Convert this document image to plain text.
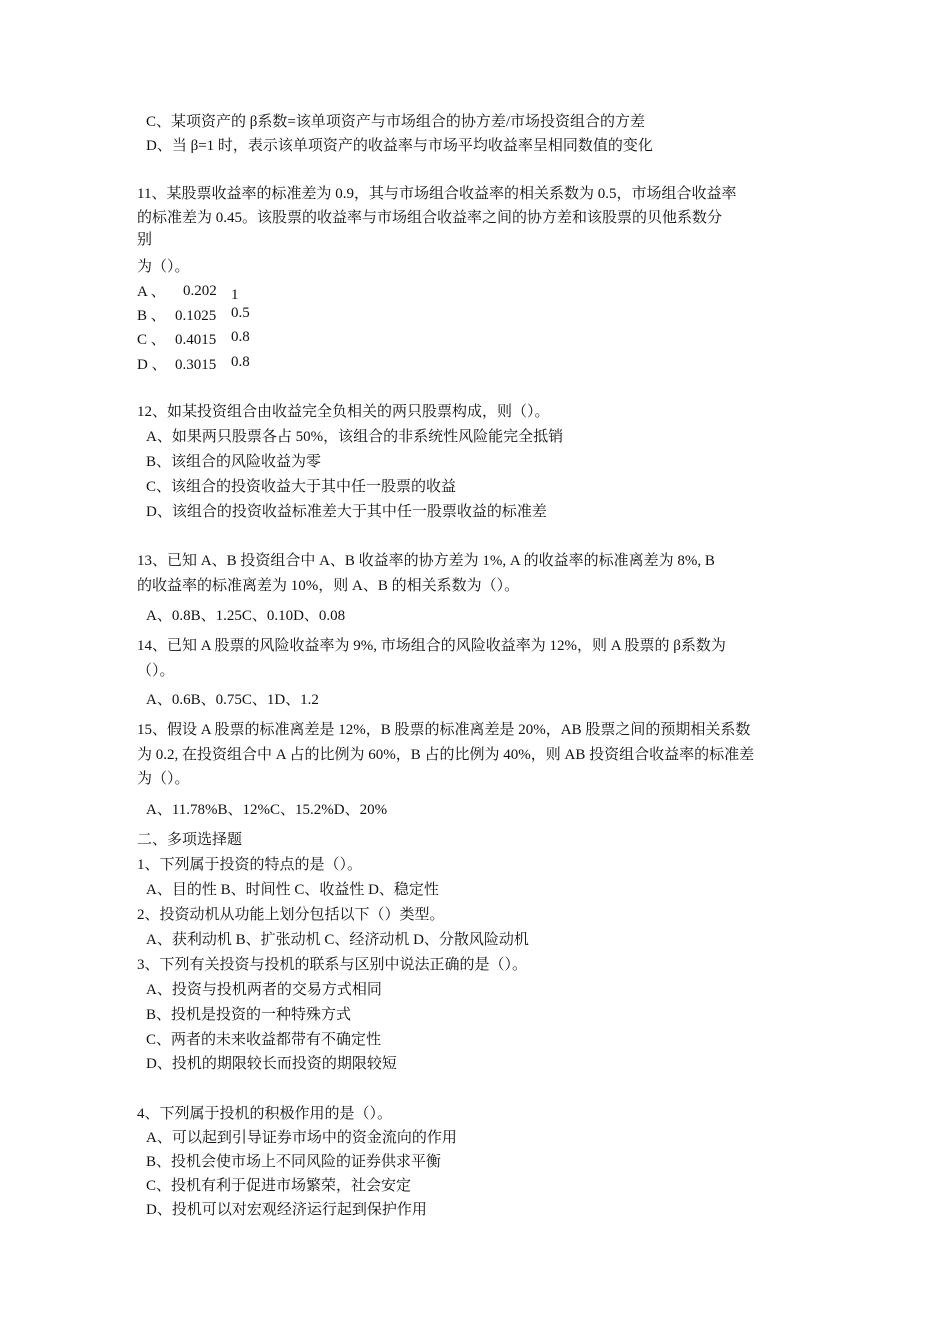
C、某项资产的 β系数=该单项资产与市场组合的协方差/市场投资组合的方差
D、当 β=1 时，表示该单项资产的收益率与市场平均收益率呈相同数值的变化
11、某股票收益率的标准差为 0.9，其与市场组合收益率的相关系数为 0.5，市场组合收益率
的标准差为 0.45。该股票的收益率与市场组合收益率之间的协方差和该股票的贝他系数分
别
为（）。
A 、 0.202 1
B 、 0.1025 0.5
C 、 0.4015 0.8
D 、 0.3015 0.8
12、如某投资组合由收益完全负相关的两只股票构成，则（）。
A、如果两只股票各占 50%，该组合的非系统性风险能完全抵销
B、该组合的风险收益为零
C、该组合的投资收益大于其中任一股票的收益
D、该组合的投资收益标准差大于其中任一股票收益的标准差
13、已知 A、B 投资组合中 A、B 收益率的协方差为 1%, A 的收益率的标准离差为 8%, B
的收益率的标准离差为 10%，则 A、B 的相关系数为（）。
A、0.8B、1.25C、0.10D、0.08
14、已知 A 股票的风险收益率为 9%, 市场组合的风险收益率为 12%，则 A 股票的 β系数为
（）。
A、0.6B、0.75C、1D、1.2
15、假设 A 股票的标准离差是 12%，B 股票的标准离差是 20%，AB 股票之间的预期相关系数
为 0.2, 在投资组合中 A 占的比例为 60%，B 占的比例为 40%，则 AB 投资组合收益率的标准差
为（）。
A、11.78%B、12%C、15.2%D、20%
二、多项选择题
1、下列属于投资的特点的是（）。
A、目的性 B、时间性 C、收益性 D、稳定性
2、投资动机从功能上划分包括以下（）类型。
A、获利动机 B、扩张动机 C、经济动机 D、分散风险动机
3、下列有关投资与投机的联系与区别中说法正确的是（）。
A、投资与投机两者的交易方式相同
B、投机是投资的一种特殊方式
C、两者的未来收益都带有不确定性
D、投机的期限较长而投资的期限较短
4、下列属于投机的积极作用的是（）。
A、可以起到引导证券市场中的资金流向的作用
B、投机会使市场上不同风险的证券供求平衡
C、投机有利于促进市场繁荣，社会安定
D、投机可以对宏观经济运行起到保护作用
